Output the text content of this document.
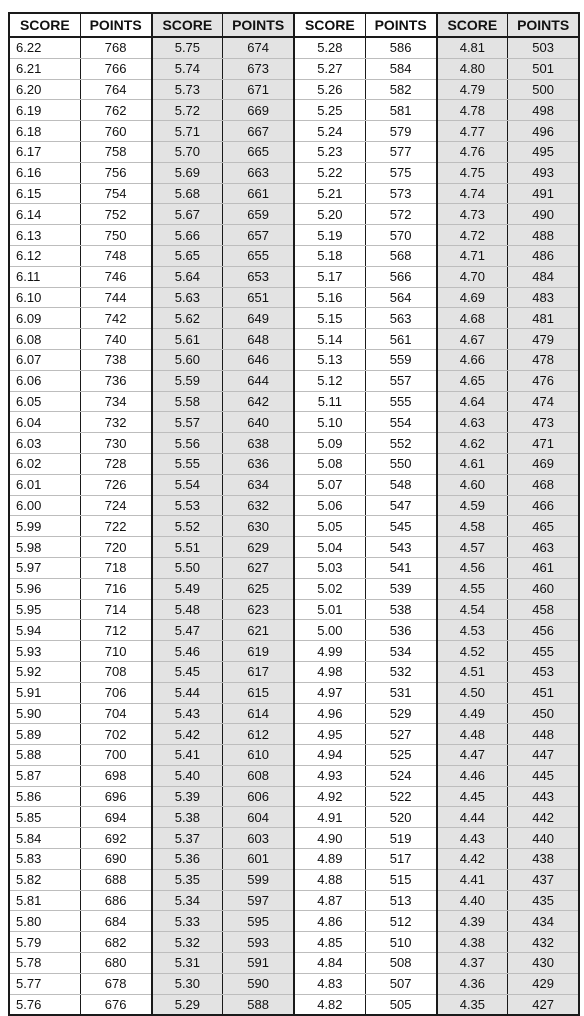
SCORE	POINTS	SCORE	POINTS	SCORE	POINTS	SCORE	POINTS
6.22	768	5.75	674	5.28	586	4.81	503
6.21	766	5.74	673	5.27	584	4.80	501
6.20	764	5.73	671	5.26	582	4.79	500
6.19	762	5.72	669	5.25	581	4.78	498
6.18	760	5.71	667	5.24	579	4.77	496
6.17	758	5.70	665	5.23	577	4.76	495
6.16	756	5.69	663	5.22	575	4.75	493
6.15	754	5.68	661	5.21	573	4.74	491
6.14	752	5.67	659	5.20	572	4.73	490
6.13	750	5.66	657	5.19	570	4.72	488
6.12	748	5.65	655	5.18	568	4.71	486
6.11	746	5.64	653	5.17	566	4.70	484
6.10	744	5.63	651	5.16	564	4.69	483
6.09	742	5.62	649	5.15	563	4.68	481
6.08	740	5.61	648	5.14	561	4.67	479
6.07	738	5.60	646	5.13	559	4.66	478
6.06	736	5.59	644	5.12	557	4.65	476
6.05	734	5.58	642	5.11	555	4.64	474
6.04	732	5.57	640	5.10	554	4.63	473
6.03	730	5.56	638	5.09	552	4.62	471
6.02	728	5.55	636	5.08	550	4.61	469
6.01	726	5.54	634	5.07	548	4.60	468
6.00	724	5.53	632	5.06	547	4.59	466
5.99	722	5.52	630	5.05	545	4.58	465
5.98	720	5.51	629	5.04	543	4.57	463
5.97	718	5.50	627	5.03	541	4.56	461
5.96	716	5.49	625	5.02	539	4.55	460
5.95	714	5.48	623	5.01	538	4.54	458
5.94	712	5.47	621	5.00	536	4.53	456
5.93	710	5.46	619	4.99	534	4.52	455
5.92	708	5.45	617	4.98	532	4.51	453
5.91	706	5.44	615	4.97	531	4.50	451
5.90	704	5.43	614	4.96	529	4.49	450
5.89	702	5.42	612	4.95	527	4.48	448
5.88	700	5.41	610	4.94	525	4.47	447
5.87	698	5.40	608	4.93	524	4.46	445
5.86	696	5.39	606	4.92	522	4.45	443
5.85	694	5.38	604	4.91	520	4.44	442
5.84	692	5.37	603	4.90	519	4.43	440
5.83	690	5.36	601	4.89	517	4.42	438
5.82	688	5.35	599	4.88	515	4.41	437
5.81	686	5.34	597	4.87	513	4.40	435
5.80	684	5.33	595	4.86	512	4.39	434
5.79	682	5.32	593	4.85	510	4.38	432
5.78	680	5.31	591	4.84	508	4.37	430
5.77	678	5.30	590	4.83	507	4.36	429
5.76	676	5.29	588	4.82	505	4.35	427
